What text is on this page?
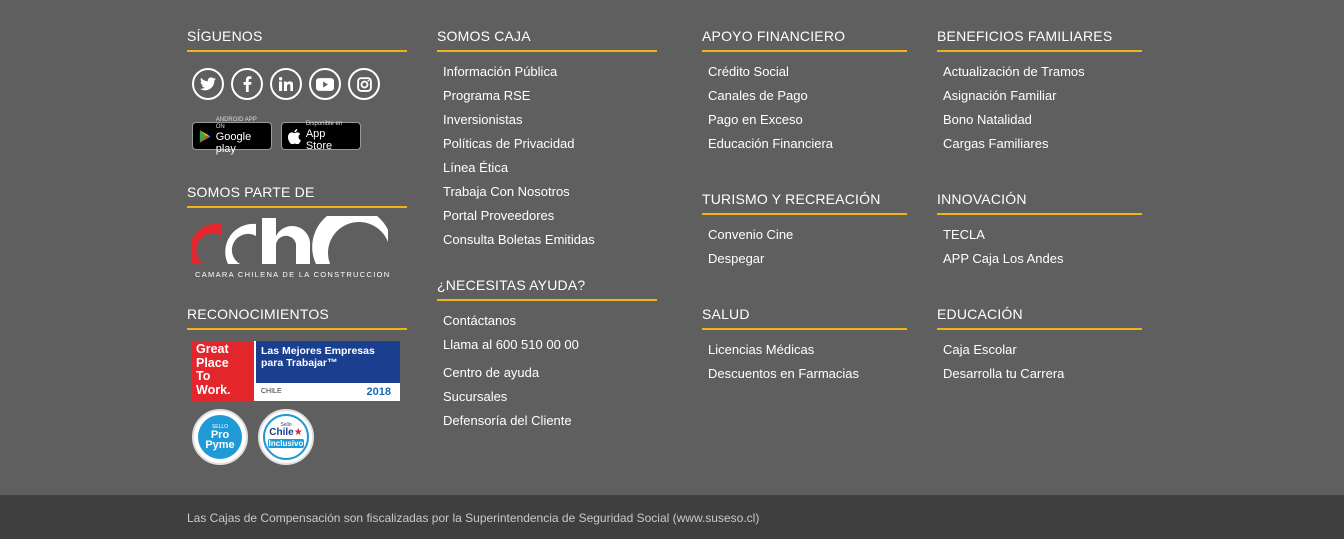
SÍGUENOS
ANDROID APP ON
Google play
Disponible en
App Store
SOMOS PARTE DE
CAMARA CHILENA DE LA CONSTRUCCION
RECONOCIMIENTOS
Great
Place
To
Work.
Las Mejores Empresas
para Trabajar™
CHILE	2018
SELLO
Pro
Pyme
Sello
Chile★
Inclusivo
SOMOS CAJA
Información Pública
Programa RSE
Inversionistas
Políticas de Privacidad
Línea Ética
Trabaja Con Nosotros
Portal Proveedores
Consulta Boletas Emitidas
¿NECESITAS AYUDA?
Contáctanos
Llama al 600 510 00 00
Centro de ayuda
Sucursales
Defensoría del Cliente
APOYO FINANCIERO
Crédito Social
Canales de Pago
Pago en Exceso
Educación Financiera
TURISMO Y RECREACIÓN
Convenio Cine
Despegar
SALUD
Licencias Médicas
Descuentos en Farmacias
BENEFICIOS FAMILIARES
Actualización de Tramos
Asignación Familiar
Bono Natalidad
Cargas Familiares
INNOVACIÓN
TECLA
APP Caja Los Andes
EDUCACIÓN
Caja Escolar
Desarrolla tu Carrera
Las Cajas de Compensación son fiscalizadas por la Superintendencia de Seguridad Social (www.suseso.cl)
